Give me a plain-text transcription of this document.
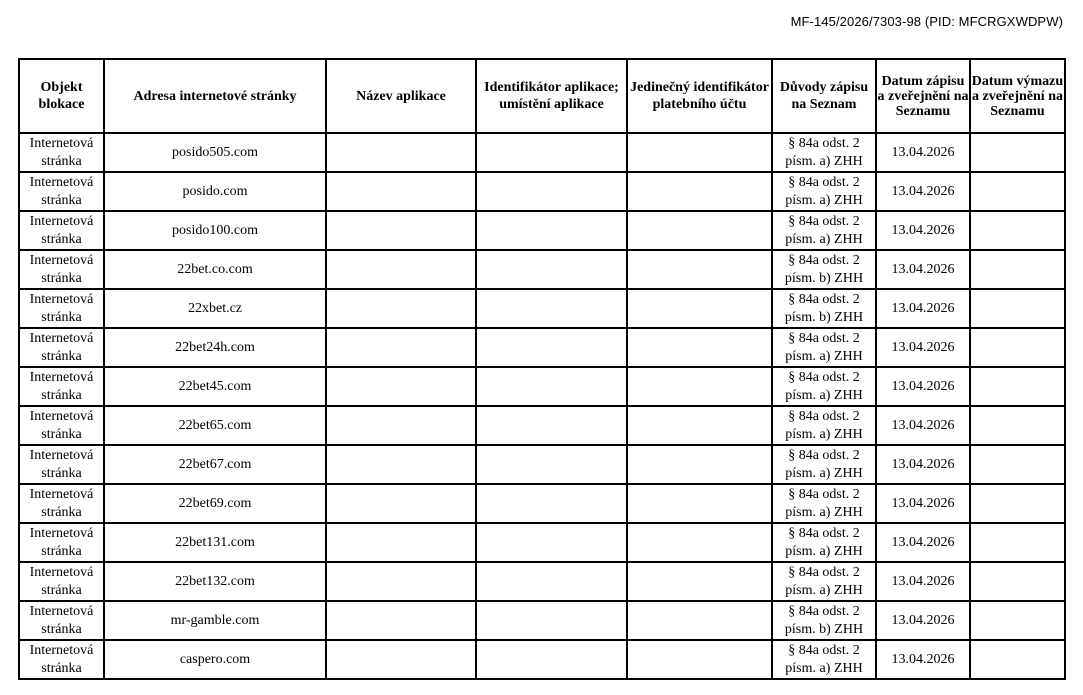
MF-145/2026/7303-98 (PID: MFCRGXWDPW)
Objekt blokace	Adresa internetové stránky	Název aplikace	Identifikátor aplikace; umístění aplikace	Jedinečný identifikátor platebního účtu	Důvody zápisu na Seznam	Datum zápisu a zveřejnění na Seznamu	Datum výmazu a zveřejnění na Seznamu
Internetová stránka	posido505.com				§ 84a odst. 2 písm. a) ZHH	13.04.2026	
Internetová stránka	posido.com				§ 84a odst. 2 písm. a) ZHH	13.04.2026	
Internetová stránka	posido100.com				§ 84a odst. 2 písm. a) ZHH	13.04.2026	
Internetová stránka	22bet.co.com				§ 84a odst. 2 písm. b) ZHH	13.04.2026	
Internetová stránka	22xbet.cz				§ 84a odst. 2 písm. b) ZHH	13.04.2026	
Internetová stránka	22bet24h.com				§ 84a odst. 2 písm. a) ZHH	13.04.2026	
Internetová stránka	22bet45.com				§ 84a odst. 2 písm. a) ZHH	13.04.2026	
Internetová stránka	22bet65.com				§ 84a odst. 2 písm. a) ZHH	13.04.2026	
Internetová stránka	22bet67.com				§ 84a odst. 2 písm. a) ZHH	13.04.2026	
Internetová stránka	22bet69.com				§ 84a odst. 2 písm. a) ZHH	13.04.2026	
Internetová stránka	22bet131.com				§ 84a odst. 2 písm. a) ZHH	13.04.2026	
Internetová stránka	22bet132.com				§ 84a odst. 2 písm. a) ZHH	13.04.2026	
Internetová stránka	mr-gamble.com				§ 84a odst. 2 písm. b) ZHH	13.04.2026	
Internetová stránka	caspero.com				§ 84a odst. 2 písm. a) ZHH	13.04.2026	
